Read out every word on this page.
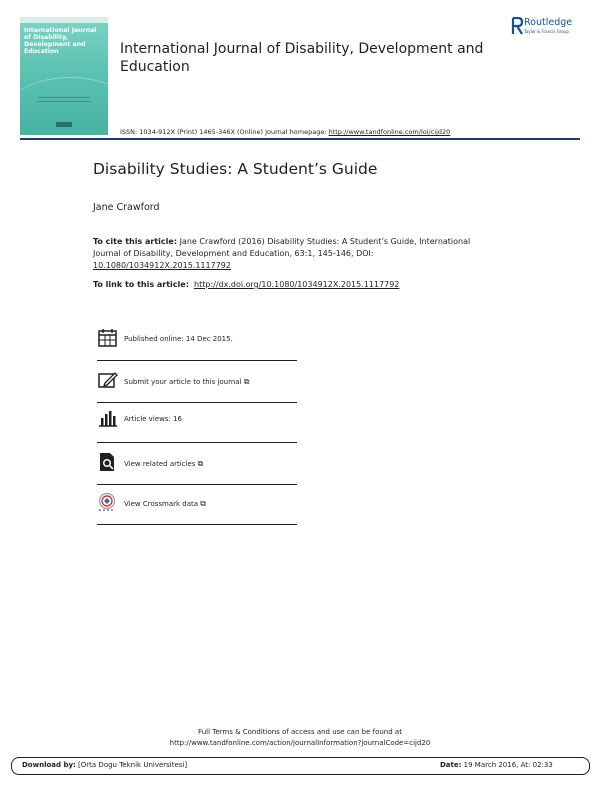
International Journal of Disability, Development and Education	International Journal of Disability, Development and Education
Routledge
Taylor & Francis Group
ISSN: 1034-912X (Print) 1465-346X (Online) Journal homepage: http://www.tandfonline.com/loi/cijd20
Disability Studies: A Student’s Guide
Jane Crawford
To cite this article: Jane Crawford (2016) Disability Studies: A Student’s Guide, International Journal of Disability, Development and Education, 63:1, 145-146, DOI: 10.1080/1034912X.2015.1117792
To link to this article: http://dx.doi.org/10.1080/1034912X.2015.1117792
Published online: 14 Dec 2015.
Submit your article to this journal ⧉
Article views: 16
View related articles ⧉
View Crossmark data ⧉
Full Terms & Conditions of access and use can be found at
http://www.tandfonline.com/action/journalInformation?journalCode=cijd20
Download by: [Orta Dogu Teknik Universitesi]	Date: 19 March 2016, At: 02:33
